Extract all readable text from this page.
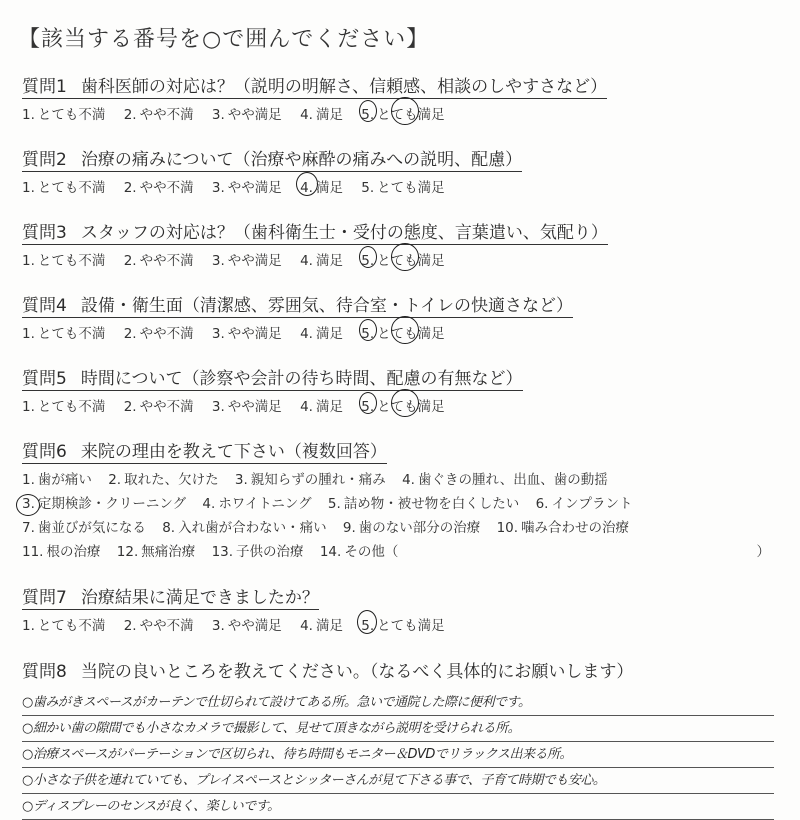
【該当する番号を○で囲んでください】
質問1 歯科医師の対応は？（説明の明解さ、信頼感、相談のしやすさなど）
1. とても不満 2. やや不満 3. やや満足 4. 満足 5. とても満足
質問2 治療の痛みについて（治療や麻酔の痛みへの説明、配慮）
1. とても不満 2. やや不満 3. やや満足 4. 満足 5. とても満足
質問3 スタッフの対応は？（歯科衛生士・受付の態度、言葉遣い、気配り）
1. とても不満 2. やや不満 3. やや満足 4. 満足 5. とても満足
質問4 設備・衛生面（清潔感、雰囲気、待合室・トイレの快適さなど）
1. とても不満 2. やや不満 3. やや満足 4. 満足 5. とても満足
質問5 時間について（診察や会計の待ち時間、配慮の有無など）
1. とても不満 2. やや不満 3. やや満足 4. 満足 5. とても満足
質問6 来院の理由を教えて下さい（複数回答）
1. 歯が痛い 2. 取れた、欠けた 3. 親知らずの腫れ・痛み 4. 歯ぐきの腫れ、出血、歯の動揺
3. 定期検診・クリーニング 4. ホワイトニング 5. 詰め物・被せ物を白くしたい 6. インプラント
7. 歯並びが気になる 8. 入れ歯が合わない・痛い 9. 歯のない部分の治療 10. 噛み合わせの治療
11. 根の治療 12. 無痛治療 13. 子供の治療 14. その他（	）
質問7 治療結果に満足できましたか？
1. とても不満 2. やや不満 3. やや満足 4. 満足 5. とても満足
質問8 当院の良いところを教えてください。（なるべく具体的にお願いします）
○歯みがきスペースがカーテンで仕切られて設けてある所。急いで通院した際に便利です。
○細かい歯の隙間でも小さなカメラで撮影して、見せて頂きながら説明を受けられる所。
○治療スペースがパーテーションで区切られ、待ち時間もモニター＆DVDでリラックス出来る所。
○小さな子供を連れていても、プレイスペースとシッターさんが見て下さる事で、子育て時期でも安心。
○ディスプレーのセンスが良く、楽しいです。
